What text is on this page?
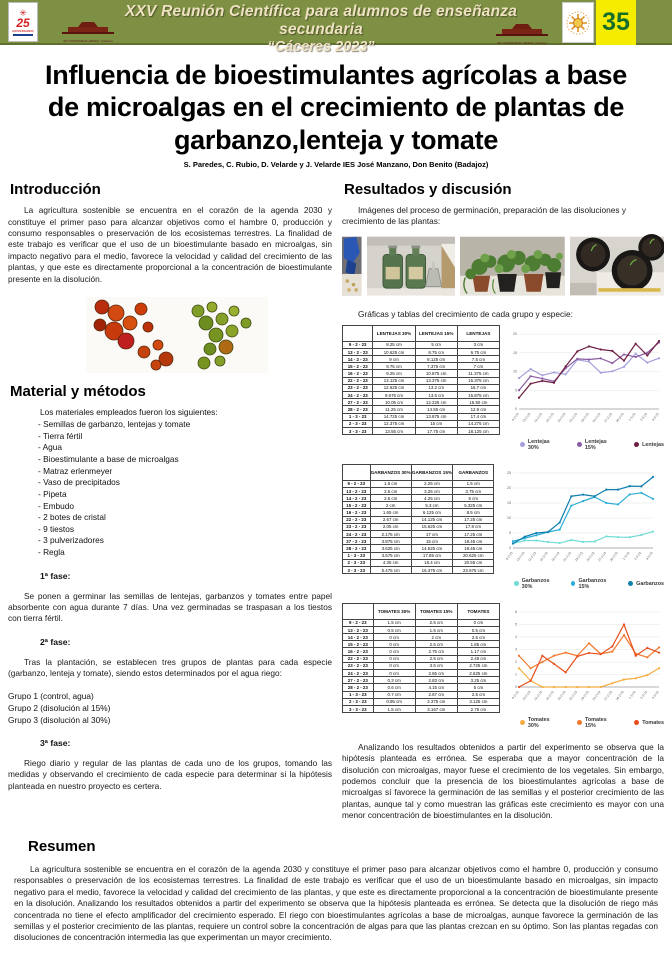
✳
25
ANIVERSARIO
XXV Reunión Científica para alumnos de enseñanza secundaria
“Cáceres 2023”
IES "UNIVERSIDAD LABORAL" (Cáceres)
IES "UNIVERSIDAD LABORAL" (Cáceres)
35
Influencia de bioestimulantes agrícolas a base
de microalgas en el crecimiento de plantas de
garbanzo,lenteja y tomate
S. Paredes, C. Rubio, D. Velarde y J. Velarde IES José Manzano, Don Benito (Badajoz)
Introducción

La agricultura sostenible se encuentra en el corazón de la agenda 2030 y constituye el primer paso para alcanzar objetivos como el hambre 0, producción y consumo responsables o preservación de los ecosistemas terrestres. La finalidad de este trabajo es verificar que el uso de un bioestimulante basado en microalgas, sin impacto negativo para el medio, favorece la velocidad y calidad del crecimiento de las plantas, y que este es directamente proporcional a la concentración de bioestimulante presente en la disolución.

Material y métodos
Los materiales empleados fueron los siguientes:
- Semillas de garbanzo, lentejas y tomate
- Tierra fértil
- Agua
- Bioestimulante a base de microalgas
- Matraz erlenmeyer
- Vaso de precipitados
- Pipeta
- Embudo
- 2 botes de cristal
- 9 tiestos
- 3 pulverizadores
- Regla
1ª fase:

Se ponen a germinar las semillas de lentejas, garbanzos y tomates entre papel absorbente con agua durante 7 días. Una vez germinadas se traspasan a los tiestos con tierra fértil.

2ª fase:

Tras la plantación, se establecen tres grupos de plantas para cada especie (garbanzo, lenteja y tomate), siendo estos determinados por el agua riego:

Grupo 1 (control, agua)
Grupo 2 (disolución al 15%)
Grupo 3 (disolución al 30%)
3ª fase:

Riego diario y regular de las plantas de cada uno de los grupos, tomando las medidas y observando el crecimiento de cada especie para determinar si la hipótesis planteada en nuestro proyecto es certera.

Resultados y discusión
Imágenes del proceso de germinación, preparación de las disoluciones y crecimiento de las plantas:
Gráficas y tablas del crecimiento de cada grupo y especie:
	LENTEJAS 30%	LENTEJAS 15%	LENTEJAS
9 - 2 - 23	8.25 cm	5 cm	3 cm
13 - 2 - 23	10.625 cm	8.75 cm	6.75 cm
14 - 2 - 23	9 cm	8.125 cm	7.5 cm
15 - 2 - 23	9.75 cm	7.375 cm	7 cm
16 - 2 - 23	9.25 cm	10.875 cm	11.375 cm
22 - 2 - 23	13.125 cm	13.375 cm	15.375 cm
23 - 2 - 23	12.625 cm	13.2 cm	16.7 cm
24 - 2 - 23	9.675 cm	13.5 cm	15.875 cm
27 - 2 - 23	10.05 cm	12.225 cm	15.50 cm
28 - 2 - 23	11.25 cm	14.55 cm	12.9 cm
1 - 3 - 23	14.725 cm	13.875 cm	17.4 cm
2 - 3 - 23	12.375 cm	15 cm	14.275 cm
3 - 3 - 23	13.55 cm	17.75 cm	18.125 cm
0
5
10
15
20
9-2-23 13-2-23 14-2-23 15-2-23 16-2-23 22-2-23 23-2-23 24-2-23 27-2-23 28-2-23 1-3-23 2-3-23 3-3-23
Lentejas 30%
Lentejas 15%	Lentejas
	GARBANZOS 30%	GARBANZOS 15%	GARBANZOS
9 - 2 - 23	1.5 cm	2.25 cm	1.5 cm
13 - 2 - 23	2.5 cm	3.25 cm	3.75 cm
14 - 2 - 23	2.5 cm	4.25 cm	5 cm
15 - 2 - 23	2 cm	5.3 cm	5.325 cm
16 - 2 - 23	1.65 cm	6.125 cm	8.5 cm
22 - 2 - 23	2.67 cm	14.125 cm	17.25 cm
23 - 2 - 23	2.05 cm	15.625 cm	17.8 cm
24 - 2 - 23	2.175 cm	17 cm	17.25 cm
27 - 2 - 23	3.875 cm	15 cm	19.45 cm
28 - 2 - 23	3.625 cm	14.525 cm	19.45 cm
1 - 3 - 23	3.575 cm	17.85 cm	20.625 cm
2 - 3 - 23	4.35 cm	18.4 cm	20.55 cm
3 - 3 - 23	5.475 cm	16.375 cm	23.675 cm
0
5
10
15
20
25
9-2-23 13-2-23 14-2-23 15-2-23 16-2-23 22-2-23 23-2-23 24-2-23 27-2-23 28-2-23 1-3-23 2-3-23 3-3-23
Garbanzos 30%
Garbanzos 15%	Garbanzos
	TOMATES 30%	TOMATES 15%	TOMATES
9 - 2 - 23	1.5 cm	2.5 cm	0 cm
13 - 2 - 23	0.5 cm	1.5 cm	0.5 cm
14 - 2 - 23	0 cm	2 cm	2.5 cm
15 - 2 - 23	0 cm	2.5 cm	1.85 cm
16 - 2 - 23	0 cm	2.75 cm	1.17 cm
22 - 2 - 23	0 cm	2.5 cm	2.45 cm
23 - 2 - 23	0 cm	3.5 cm	2.725 cm
24 - 2 - 23	0 cm	2.65 cm	2.625 cm
27 - 2 - 23	0.3 cm	2.83 cm	3.25 cm
28 - 2 - 23	0.6 cm	4.15 cm	5 cm
1 - 3 - 23	0.7 cm	2.67 cm	2.5 cm
2 - 3 - 23	0.95 cm	2.375 cm	3.125 cm
3 - 3 - 23	1.5 cm	3.167 cm	2.75 cm
0
1
2
3
4
5
6
9-2-23 13-2-23 14-2-23 15-2-23 16-2-23 22-2-23 23-2-23 24-2-23 27-2-23 28-2-23 1-3-23 2-3-23 3-3-23
Tomates 30%
Tomates 15%	Tomates

Analizando los resultados obtenidos a partir del experimento se observa que la hipótesis planteada es errónea. Se esperaba que a mayor concentración de la disolución con microalgas, mayor fuese el crecimiento de los vegetales. Sin embargo, podemos concluir que la presencia de los bioestimulantes agrícolas a base de microalgas sí favorece la germinación de las semillas y el posterior crecimiento de las plantas, aunque tal y como muestran las gráficas este crecimiento es mayor con una menor concentración de bioestimulantes en la disolución.

Resumen

La agricultura sostenible se encuentra en el corazón de la agenda 2030 y constituye el primer paso para alcanzar objetivos como el hambre 0, producción y consumo responsables o preservación de los ecosistemas terrestres. La finalidad de este trabajo es verificar que el uso de un bioestimulante basado en microalgas, sin impacto negativo para el medio, favorece la velocidad y calidad del crecimiento de las plantas, y que este es directamente proporcional a la concentración de bioestimulante presente en la disolución. Analizando los resultados obtenidos a partir del experimento se observa que la hipótesis planteada es errónea. Se detecta que la disolución de riego más concentrada no tiene el efecto amplificador del crecimiento esperado. El riego con bioestimulantes agrícolas a base de microalgas, aunque favorece la germinación de las semillas y el posterior crecimiento de las plantas, requiere un control sobre la concentración de algas para que las plantas crezcan en su óptimo. Son las plantas regadas con disoluciones de concentración intermedia las que experimentan un mayor crecimiento.
